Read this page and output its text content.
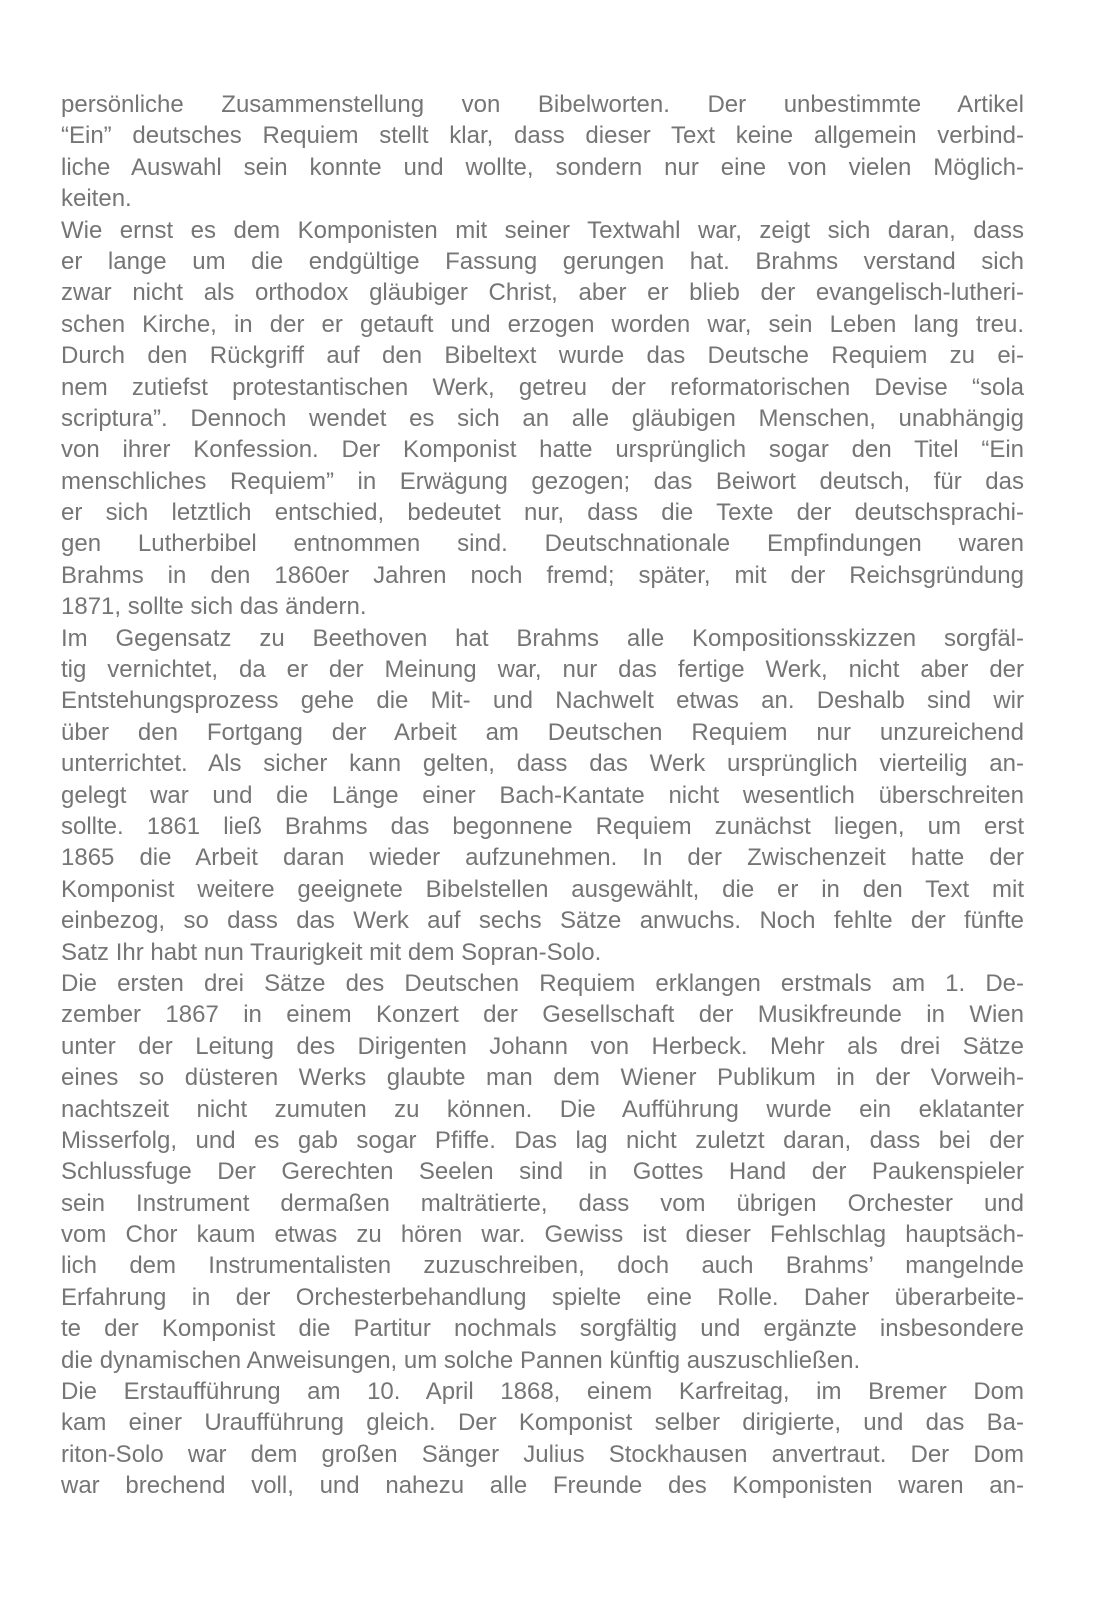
persönliche Zusammenstellung von Bibelworten. Der unbestimmte Artikel
“Ein” deutsches Requiem stellt klar, dass dieser Text keine allgemein verbind-
liche Auswahl sein konnte und wollte, sondern nur eine von vielen Möglich-
keiten.
Wie ernst es dem Komponisten mit seiner Textwahl war, zeigt sich daran, dass
er lange um die endgültige Fassung gerungen hat. Brahms verstand sich
zwar nicht als orthodox gläubiger Christ, aber er blieb der evangelisch-lutheri-
schen Kirche, in der er getauft und erzogen worden war, sein Leben lang treu.
Durch den Rückgriff auf den Bibeltext wurde das Deutsche Requiem zu ei-
nem zutiefst protestantischen Werk, getreu der reformatorischen Devise “sola
scriptura”. Dennoch wendet es sich an alle gläubigen Menschen, unabhängig
von ihrer Konfession. Der Komponist hatte ursprünglich sogar den Titel “Ein
menschliches Requiem” in Erwägung gezogen; das Beiwort deutsch, für das
er sich letztlich entschied, bedeutet nur, dass die Texte der deutschsprachi-
gen Lutherbibel entnommen sind. Deutschnationale Empfindungen waren
Brahms in den 1860er Jahren noch fremd; später, mit der Reichsgründung
1871, sollte sich das ändern.
Im Gegensatz zu Beethoven hat Brahms alle Kompositionsskizzen sorgfäl-
tig vernichtet, da er der Meinung war, nur das fertige Werk, nicht aber der
Entstehungsprozess gehe die Mit- und Nachwelt etwas an. Deshalb sind wir
über den Fortgang der Arbeit am Deutschen Requiem nur unzureichend
unterrichtet. Als sicher kann gelten, dass das Werk ursprünglich vierteilig an-
gelegt war und die Länge einer Bach-Kantate nicht wesentlich überschreiten
sollte. 1861 ließ Brahms das begonnene Requiem zunächst liegen, um erst
1865 die Arbeit daran wieder aufzunehmen. In der Zwischenzeit hatte der
Komponist weitere geeignete Bibelstellen ausgewählt, die er in den Text mit
einbezog, so dass das Werk auf sechs Sätze anwuchs. Noch fehlte der fünfte
Satz Ihr habt nun Traurigkeit mit dem Sopran-Solo.
Die ersten drei Sätze des Deutschen Requiem erklangen erstmals am 1. De-
zember 1867 in einem Konzert der Gesellschaft der Musikfreunde in Wien
unter der Leitung des Dirigenten Johann von Herbeck. Mehr als drei Sätze
eines so düsteren Werks glaubte man dem Wiener Publikum in der Vorweih-
nachtszeit nicht zumuten zu können. Die Aufführung wurde ein eklatanter
Misserfolg, und es gab sogar Pfiffe. Das lag nicht zuletzt daran, dass bei der
Schlussfuge Der Gerechten Seelen sind in Gottes Hand der Paukenspieler
sein Instrument dermaßen malträtierte, dass vom übrigen Orchester und
vom Chor kaum etwas zu hören war. Gewiss ist dieser Fehlschlag hauptsäch-
lich dem Instrumentalisten zuzuschreiben, doch auch Brahms’ mangelnde
Erfahrung in der Orchesterbehandlung spielte eine Rolle. Daher überarbeite-
te der Komponist die Partitur nochmals sorgfältig und ergänzte insbesondere
die dynamischen Anweisungen, um solche Pannen künftig auszuschließen.
Die Erstaufführung am 10. April 1868, einem Karfreitag, im Bremer Dom
kam einer Uraufführung gleich. Der Komponist selber dirigierte, und das Ba-
riton-Solo war dem großen Sänger Julius Stockhausen anvertraut. Der Dom
war brechend voll, und nahezu alle Freunde des Komponisten waren an-
